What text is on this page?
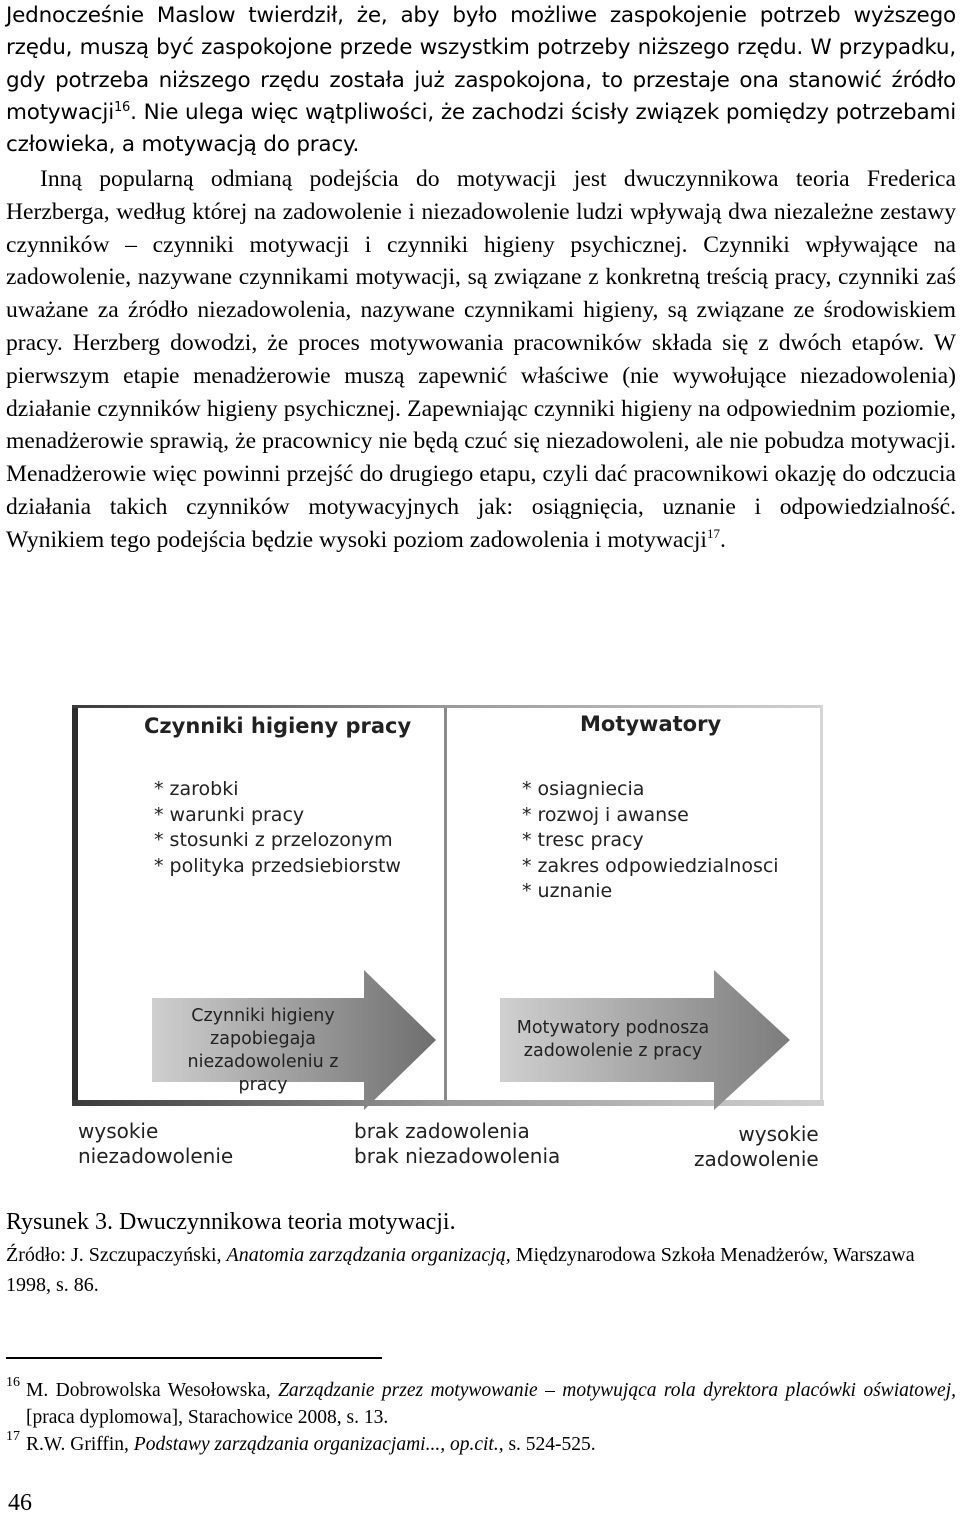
Jednocześnie Maslow twierdził, że, aby było możliwe zaspokojenie potrzeb wyższego rzędu, muszą być zaspokojone przede wszystkim potrzeby niższego rzędu. W przypadku, gdy potrzeba niższego rzędu została już zaspokojona, to przestaje ona stanowić źródło motywacji$^{16}$. Nie ulega więc wątpliwości, że zachodzi ścisły związek pomiędzy potrzebami człowieka, a motywacją do pracy.

Inną popularną odmianą podejścia do motywacji jest dwuczynnikowa teoria Frederica Herzberga, według której na zadowolenie i niezadowolenie ludzi wpływają dwa niezależne zestawy czynników – czynniki motywacji i czynniki higieny psychicznej. Czynniki wpływające na zadowolenie, nazywane czynnikami motywacji, są związane z konkretną treścią pracy, czynniki zaś uważane za źródło niezadowolenia, nazywane czynnikami higieny, są związane ze środowiskiem pracy. Herzberg dowodzi, że proces motywowania pracowników składa się z dwóch etapów. W pierwszym etapie menadżerowie muszą zapewnić właściwe (nie wywołujące niezadowolenia) działanie czynników higieny psychicznej. Zapewniając czynniki higieny na odpowiednim poziomie, menadżerowie sprawią, że pracownicy nie będą czuć się niezadowoleni, ale nie pobudza motywacji. Menadżerowie więc powinni przejść do drugiego etapu, czyli dać pracownikowi okazję do odczucia działania takich czynników motywacyjnych jak: osiągnięcia, uznanie i odpowiedzialność. Wynikiem tego podejścia będzie wysoki poziom zadowolenia i motywacji$^{17}$.

Czynniki higieny pracy
* zarobki
* warunki pracy
* stosunki z przelozonym
* polityka przedsiebiorstw
Motywatory
* osiagniecia
* rozwoj i awanse
* tresc pracy
* zakres odpowiedzialnosci
* uznanie
Czynniki higieny zapobiegaja niezadowoleniu z pracy
Motywatory podnosza zadowolenie z pracy
wysokie
niezadowolenie
brak zadowolenia
brak niezadowolenia
wysokie
zadowolenie
Rysunek 3. Dwuczynnikowa teoria motywacji.

Źródło: J. Szczupaczyński, Anatomia zarządzania organizacją, Międzynarodowa Szkoła Menadżerów, Warszawa 1998, s. 86.

16 M. Dobrowolska Wesołowska, Zarządzanie przez motywowanie – motywująca rola dyrektora placówki oświatowej,[praca dyplomowa], Starachowice 2008, s. 13.

17 R.W. Griffin, Podstawy zarządzania organizacjami..., op.cit., s. 524-525.

46
